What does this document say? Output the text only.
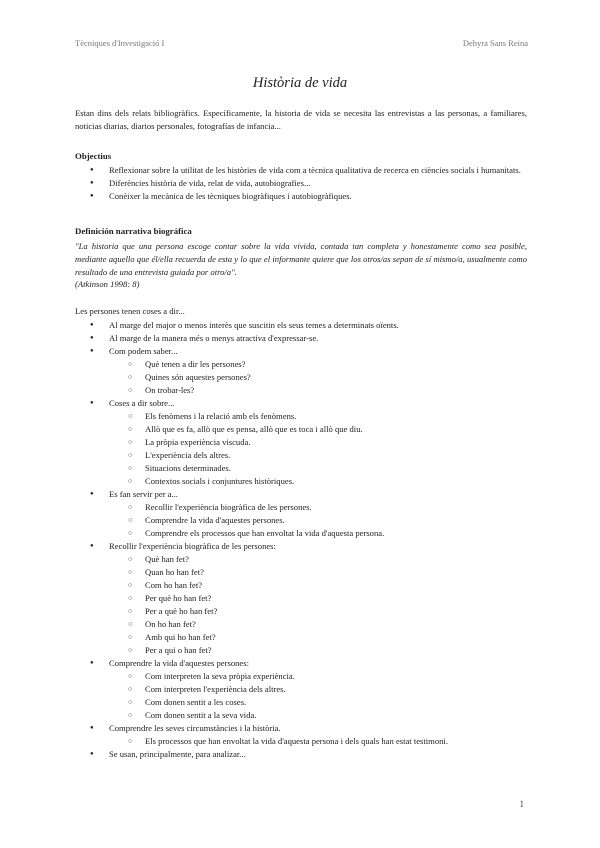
Tècniques d'Investigació I	Dehyra Sans Reina
Història de vida
Estan dins dels relats bibliogràfics. Específicamente, la historia de vida se necesita las entrevistas a las personas, a familiares, noticias diarias, diarios personales, fotografías de infancia...
Objectius
● Reflexionar sobre la utilitat de les històries de vida com a tècnica qualitativa de recerca en ciències socials i humanitats.
● Diferències història de vida, relat de vida, autobiografies...
● Conèixer la mecànica de les tècniques biogràfiques i autobiogràfiques.
Definición narrativa biográfica
"La historia que una persona escoge contar sobre la vida vivida, contada tan completa y honestamente como sea posible, mediante aquello que él/ella recuerda de esta y lo que el informante quiere que los otros/as sepan de sí mismo/a, usualmente como resultado de una entrevista guiada por otro/a".
(Atkinson 1998: 8)
Les persones tenen coses a dir...
● Al marge del major o menos interès que suscitin els seus temes a determinats oïents.
● Al marge de la manera més o menys atractiva d'expressar-se.
● Com podem saber...
○ Què tenen a dir les persones?
○ Quines són aquestes persones?
○ On trobar-les?
● Coses a dir sobre...
○ Els fenòmens i la relació amb els fenòmens.
○ Allò que es fa, allò que es pensa, allò que es toca i allò que diu.
○ La pròpia experiència viscuda.
○ L'experiència dels altres.
○ Situacions determinades.
○ Contextos socials i conjuntures històriques.
● Es fan servir per a...
○ Recollir l'experiència biogràfica de les persones.
○ Comprendre la vida d'aquestes persones.
○ Comprendre els processos que han envoltat la vida d'aquesta persona.
● Recollir l'experiència biogràfica de les persones:
○ Què han fet?
○ Quan ho han fet?
○ Com ho han fet?
○ Per què ho han fet?
○ Per a què ho han fet?
○ On ho han fet?
○ Amb qui ho han fet?
○ Per a qui o han fet?
● Comprendre la vida d'aquestes persones:
○ Com interpreten la seva pròpia experiència.
○ Com interpreten l'experiència dels altres.
○ Com donen sentit a les coses.
○ Com donen sentit a la seva vida.
● Comprendre les seves circumstàncies i la història.
○ Els processos que han envoltat la vida d'aquesta persona i dels quals han estat testimoni.
● Se usan, principalmente, para analizar...
1
